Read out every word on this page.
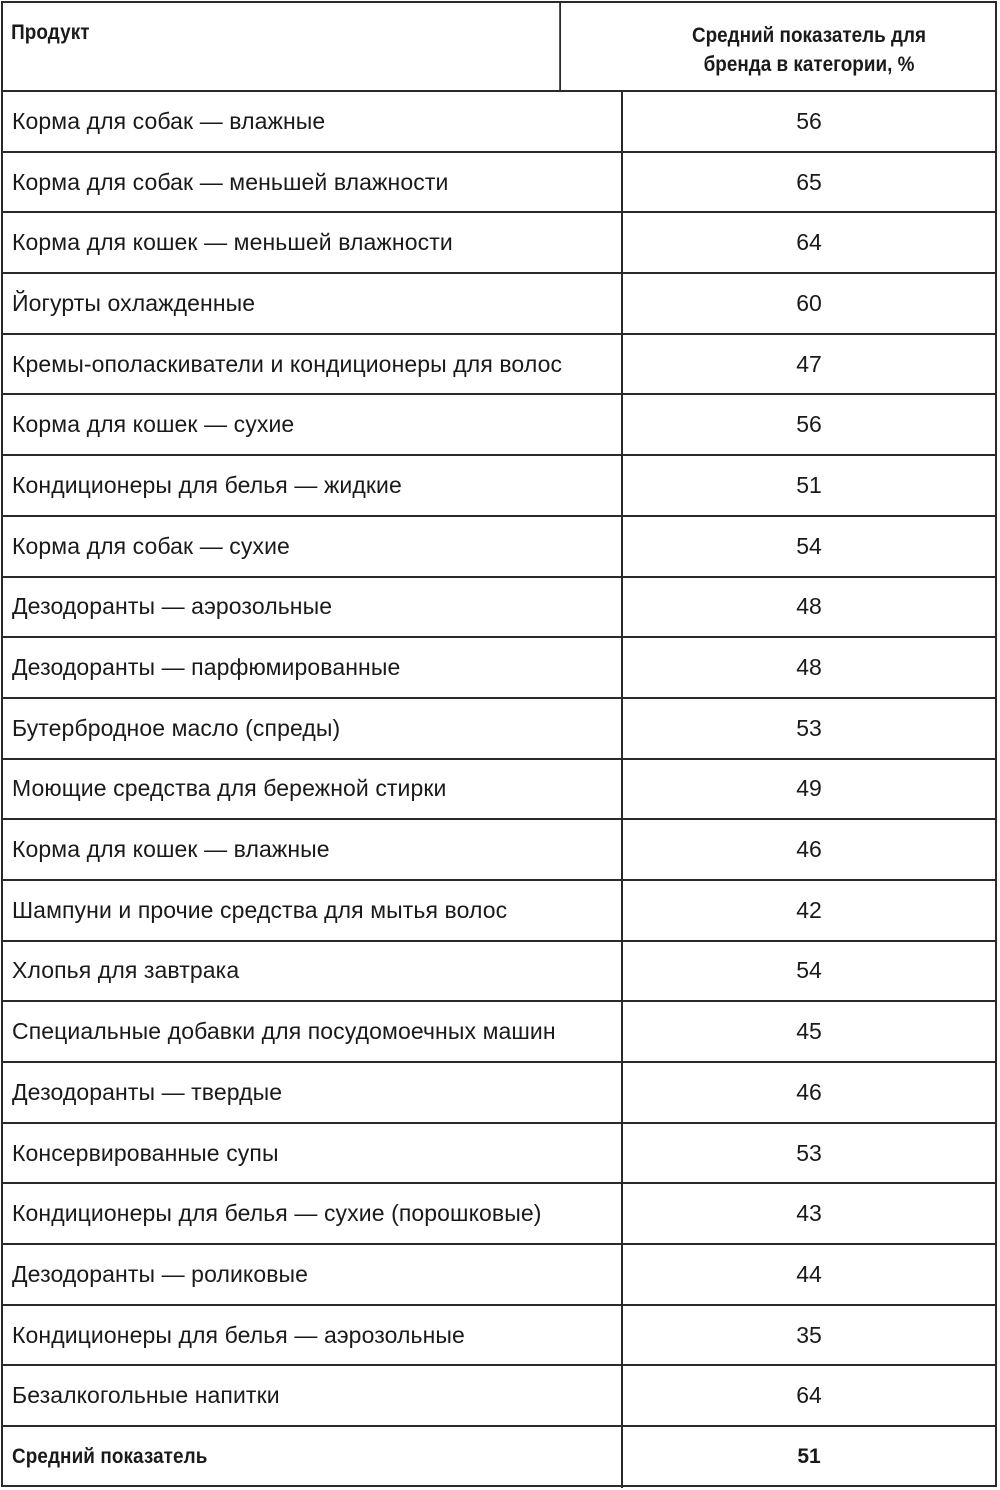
Продукт	Средний показатель для бренда в категории, %
Корма для собак — влажные	56
Корма для собак — меньшей влажности	65
Корма для кошек — меньшей влажности	64
Йогурты охлажденные	60
Кремы-ополаскиватели и кондиционеры для волос	47
Корма для кошек — сухие	56
Кондиционеры для белья — жидкие	51
Корма для собак — сухие	54
Дезодоранты — аэрозольные	48
Дезодоранты — парфюмированные	48
Бутербродное масло (спреды)	53
Моющие средства для бережной стирки	49
Корма для кошек — влажные	46
Шампуни и прочие средства для мытья волос	42
Хлопья для завтрака	54
Специальные добавки для посудомоечных машин	45
Дезодоранты — твердые	46
Консервированные супы	53
Кондиционеры для белья — сухие (порошковые)	43
Дезодоранты — роликовые	44
Кондиционеры для белья — аэрозольные	35
Безалкогольные напитки	64
Средний показатель	51
